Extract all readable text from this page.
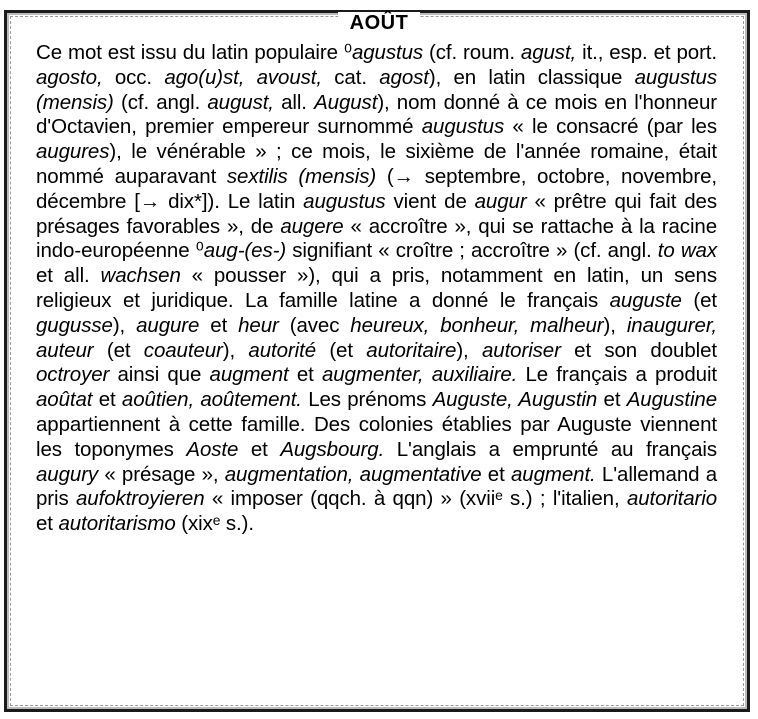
AOÛT

Ce mot est issu du latin populaire ⁰agustus (cf. roum. agust, it., esp. et port. agosto, occ. ago(u)st, avoust, cat. agost), en latin classique augustus (mensis) (cf. angl. august, all. August), nom donné à ce mois en l'honneur d'Octavien, premier empereur surnommé augustus « le consacré (par les augures), le vénérable » ; ce mois, le sixième de l'année romaine, était nommé auparavant sextilis (mensis) (→ septembre, octobre, novembre, décembre [→ dix*]). Le latin augustus vient de augur « prêtre qui fait des présages favorables », de augere « accroître », qui se rattache à la racine indo-européenne ⁰aug-(es-) signifiant « croître ; accroître » (cf. angl. to wax et all. wachsen « pousser »), qui a pris, notamment en latin, un sens religieux et juridique. La famille latine a donné le français auguste (et gugusse), augure et heur (avec heureux, bonheur, malheur), inaugurer, auteur (et coauteur), autorité (et autoritaire), autoriser et son doublet octroyer ainsi que augment et augmenter, auxiliaire. Le français a produit aoûtat et aoûtien, aoûtement. Les prénoms Auguste, Augustin et Augustine appartiennent à cette famille. Des colonies établies par Auguste viennent les toponymes Aoste et Augsbourg. L'anglais a emprunté au français augury « présage », augmentation, augmentative et augment. L'allemand a pris aufoktroyieren « imposer (qqch. à qqn) » (xviiᵉ s.) ; l'italien, autoritario et autoritarismo (xixᵉ s.).
